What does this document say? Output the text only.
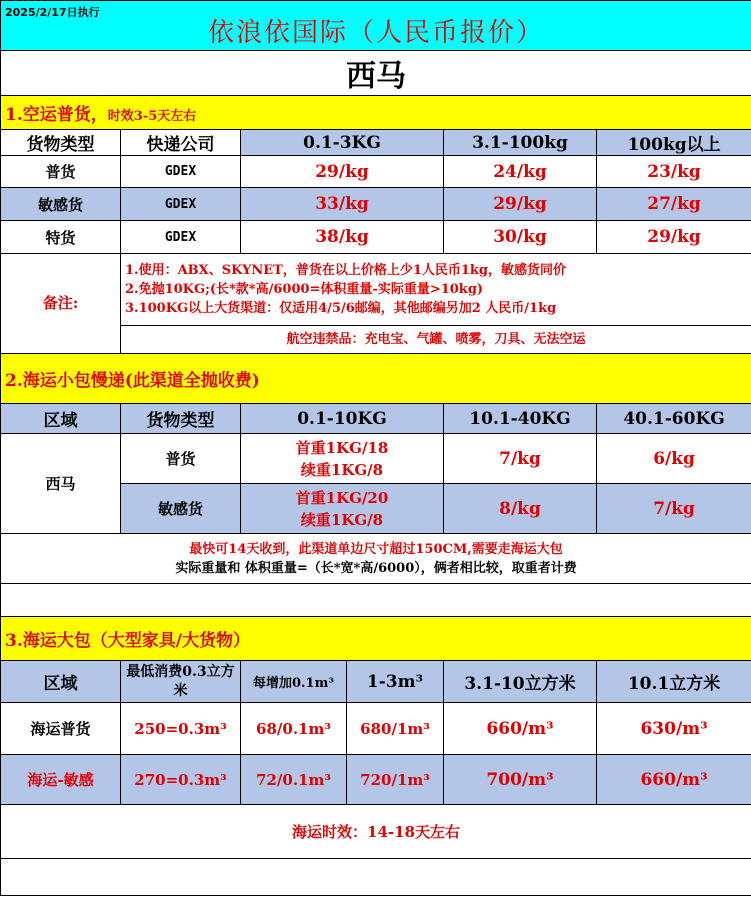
2025/2/17日执行
依浪依国际（人民币报价）					

西马					
1.空运普货，时效3-5天左右					
货物类型	快递公司	0.1-3KG		3.1-100kg	100kg以上
普货	GDEX	29/kg		24/kg	23/kg
敏感货	GDEX	33/kg		29/kg	27/kg
特货	GDEX	38/kg		30/kg	29/kg
备注:	1.使用：ABX、SKYNET，普货在以上价格上少1人民币1kg，敏感货同价
2.免抛10KG;(长*款*高/6000=体积重量-实际重量>10kg)
3.100KG以上大货渠道：仅适用4/5/6邮编，其他邮编另加2 人民币/1kg				

	航空违禁品：充电宝、气罐、喷雾，刀具、无法空运				
2.海运小包慢递(此渠道全抛收费)					
区域	货物类型	0.1-10KG		10.1-40KG	40.1-60KG
西马	普货	首重1KG/18
续重1KG/8		7/kg	6/kg
	敏感货	首重1KG/20
续重1KG/8		8/kg	7/kg

最快可14天收到，此渠道单边尺寸超过150CM,需要走海运大包
实际重量和 体积重量=（长*宽*高/6000），俩者相比较，取重者计费					

3.海运大包（大型家具/大货物）					
区域	最低消费0.3立方米	每增加0.1m³	1-3m³	3.1-10立方米	10.1立方米
海运普货	250=0.3m³	68/0.1m³	680/1m³	660/m³	630/m³
海运-敏感	270=0.3m³	72/0.1m³	720/1m³	700/m³	660/m³
海运时效：14-18天左右					
